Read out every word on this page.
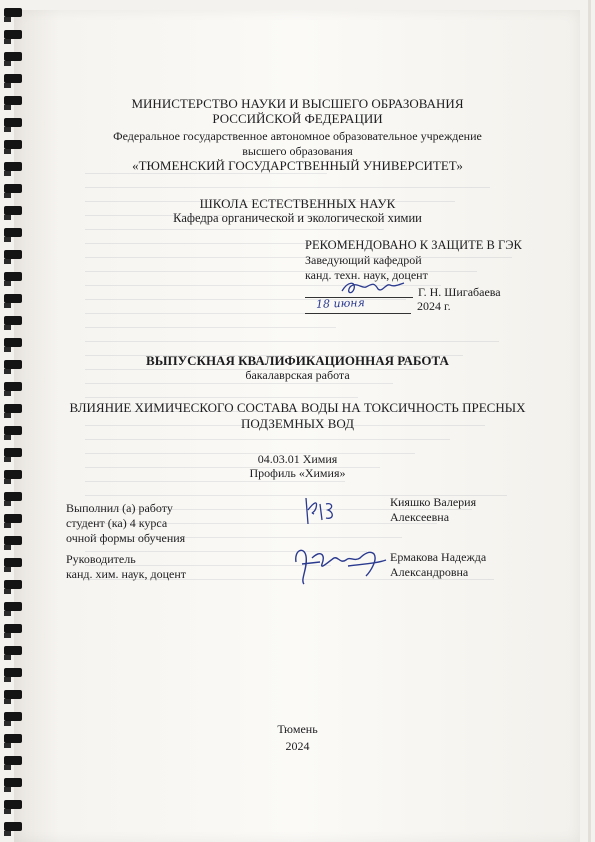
МИНИСТЕРСТВО НАУКИ И ВЫСШЕГО ОБРАЗОВАНИЯ
РОССИЙСКОЙ ФЕДЕРАЦИИ
Федеральное государственное автономное образовательное учреждение
высшего образования
«ТЮМЕНСКИЙ ГОСУДАРСТВЕННЫЙ УНИВЕРСИТЕТ»
ШКОЛА ЕСТЕСТВЕННЫХ НАУК
Кафедра органической и экологической химии
РЕКОМЕНДОВАНО К ЗАЩИТЕ В ГЭК
Заведующий кафедрой
канд. техн. наук, доцент
Г. Н. Шигабаева
18 июня	2024 г.
ВЫПУСКНАЯ КВАЛИФИКАЦИОННАЯ РАБОТА
бакалаврская работа
ВЛИЯНИЕ ХИМИЧЕСКОГО СОСТАВА ВОДЫ НА ТОКСИЧНОСТЬ ПРЕСНЫХ
ПОДЗЕМНЫХ ВОД
04.03.01 Химия
Профиль «Химия»
Выполнил (а) работу
студент (ка) 4 курса
очной формы обучения
Кияшко Валерия
Алексеевна
Руководитель
канд. хим. наук, доцент
Ермакова Надежда
Александровна
Тюмень
2024
